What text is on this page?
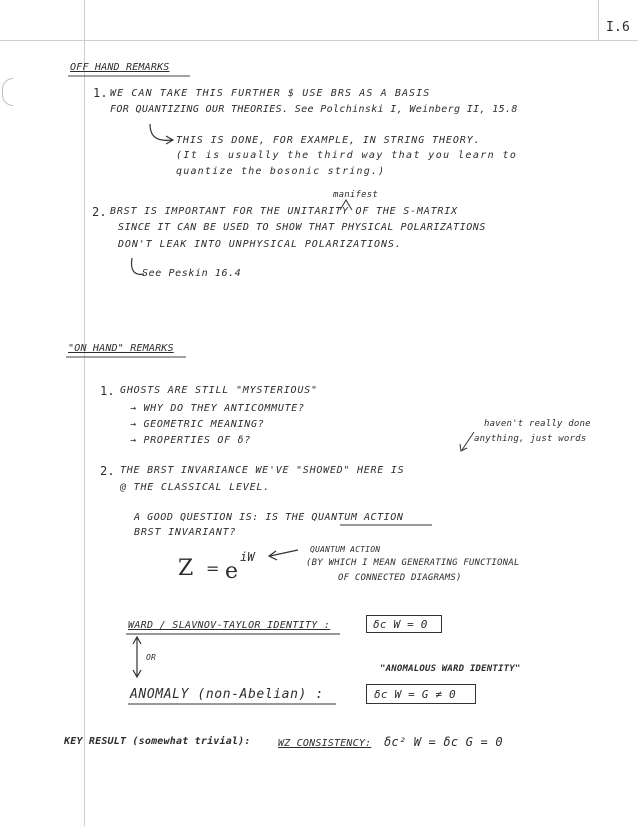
I.6
OFF HAND REMARKS
1. WE CAN TAKE THIS FURTHER $ USE BRS AS A BASIS
FOR QUANTIZING OUR THEORIES. See Polchinski I, Weinberg II, 15.8
THIS IS DONE, FOR EXAMPLE, IN STRING THEORY.
(It is usually the third way that you learn to
quantize the bosonic string.)
manifest
2. BRST IS IMPORTANT FOR THE UNITARITY OF THE S-MATRIX
SINCE IT CAN BE USED TO SHOW THAT PHYSICAL POLARIZATIONS
DON'T LEAK INTO UNPHYSICAL POLARIZATIONS.
See Peskin 16.4
"ON HAND" REMARKS
1. GHOSTS ARE STILL "MYSTERIOUS"
→ WHY DO THEY ANTICOMMUTE?
→ GEOMETRIC MEANING?
→ PROPERTIES OF δ?
haven't really done
anything, just words
2. THE BRST INVARIANCE WE'VE "SHOWED" HERE IS
@ THE CLASSICAL LEVEL.
A GOOD QUESTION IS: IS THE QUANTUM ACTION
BRST INVARIANT?
Z = e
iW
QUANTUM ACTION
(BY WHICH I MEAN GENERATING FUNCTIONAL
OF CONNECTED DIAGRAMS)
WARD / SLAVNOV-TAYLOR IDENTITY :	δc W = 0
OR
"ANOMALOUS WARD IDENTITY"
ANOMALY (non-Abelian) :	δc W = G ≠ 0
KEY RESULT (somewhat trivial):	WZ CONSISTENCY: δc² W = δc G = 0
